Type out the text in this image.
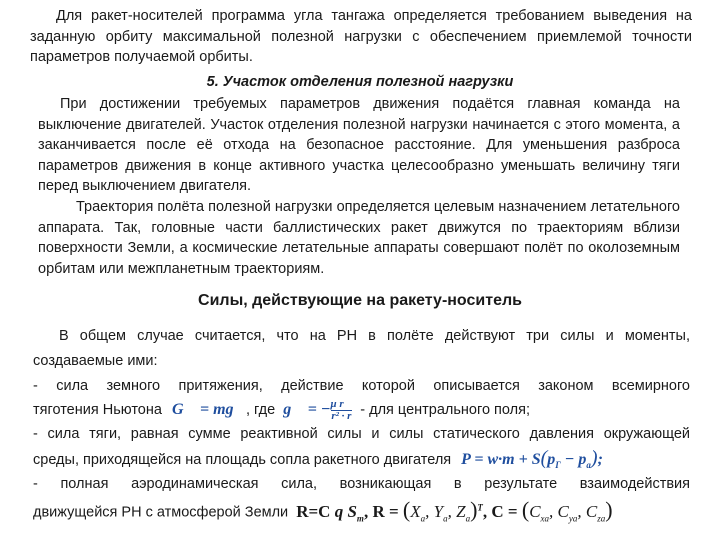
Для ракет-носителей программа угла тангажа определяется требованием выведения на заданную орбиту максимальной полезной нагрузки с обеспечением приемлемой точности параметров получаемой орбиты.

5. Участок отделения полезной нагрузки

При достижении требуемых параметров движения подаётся главная команда на выключение двигателей. Участок отделения полезной нагрузки начинается с этого момента, а заканчивается после её отхода на безопасное расстояние. Для уменьшения разброса параметров движения в конце активного участка целесообразно уменьшать величину тяги перед выключением двигателя.

Траектория полёта полезной нагрузки определяется целевым назначением летательного аппарата. Так, головные части баллистических ракет движутся по траекториям вблизи поверхности Земли, а космические летательные аппараты совершают полёт по околоземным орбитам или межпланетным траекториям.

Силы, действующие на ракету-носитель

В общем случае считается, что на РН в полёте действуют три силы и моменты,
создаваемые ими:
- сила земного притяжения, действие которой описывается законом всемирного
тяготения Ньютона G⃗ = mg⃗, где g⃗ = − $\frac{\text{μ r⃗}}{\text{r² · r}}$ - для центрального поля;
- сила тяги, равная сумме реактивной силы и силы статического давления окружающей
среды, приходящейся на площадь сопла ракетного двигателя $P = w\cdot m + S(p_Г - p_a)$;
- полная аэродинамическая сила, возникающая в результате взаимодействия
движущейся РН с атмосферой Земли R=C q $S_m$, $R = (X_a$, $Y_a$, $Z_a)^T$, $C = (C_{xa}$, $C_{ya}$, $C_{za}$)
